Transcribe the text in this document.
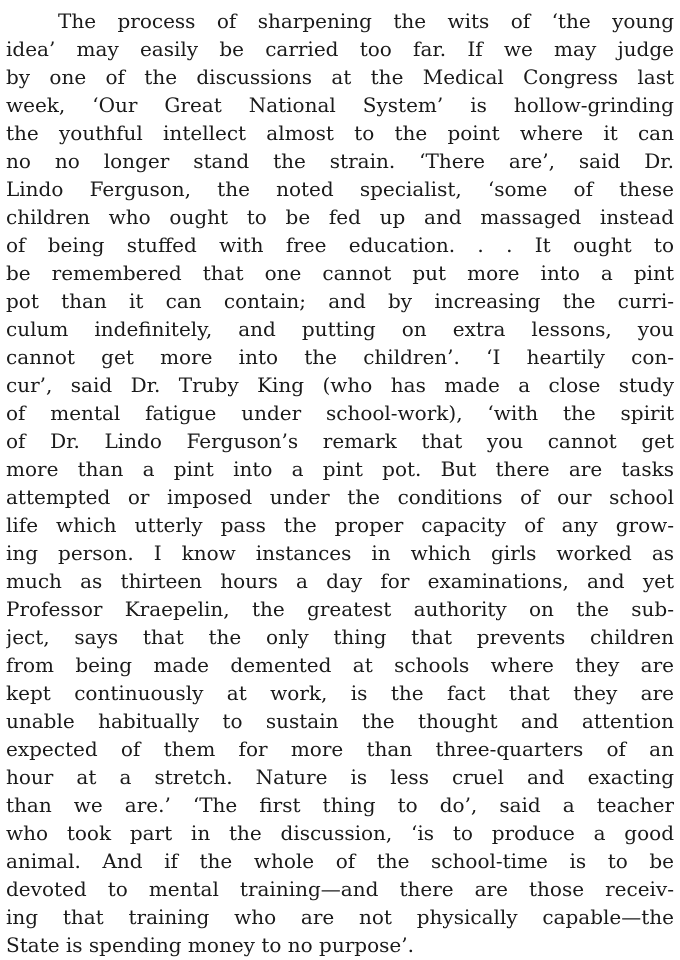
The process of sharpening the wits of ‘the young
idea’ may easily be carried too far. If we may judge
by one of the discussions at the Medical Congress last
week, ‘Our Great National System’ is hollow-grinding
the youthful intellect almost to the point where it can
no no longer stand the strain. ‘There are’, said Dr.
Lindo Ferguson, the noted specialist, ‘some of these
children who ought to be fed up and massaged instead
of being stuffed with free education. . . It ought to
be remembered that one cannot put more into a pint
pot than it can contain; and by increasing the curri-
culum indefinitely, and putting on extra lessons, you
cannot get more into the children’. ‘I heartily con-
cur’, said Dr. Truby King (who has made a close study
of mental fatigue under school-work), ‘with the spirit
of Dr. Lindo Ferguson’s remark that you cannot get
more than a pint into a pint pot. But there are tasks
attempted or imposed under the conditions of our school
life which utterly pass the proper capacity of any grow-
ing person. I know instances in which girls worked as
much as thirteen hours a day for examinations, and yet
Professor Kraepelin, the greatest authority on the sub-
ject, says that the only thing that prevents children
from being made demented at schools where they are
kept continuously at work, is the fact that they are
unable habitually to sustain the thought and attention
expected of them for more than three-quarters of an
hour at a stretch. Nature is less cruel and exacting
than we are.’ ‘The first thing to do’, said a teacher
who took part in the discussion, ‘is to produce a good
animal. And if the whole of the school-time is to be
devoted to mental training—and there are those receiv-
ing that training who are not physically capable—the
State is spending money to no purpose’.
